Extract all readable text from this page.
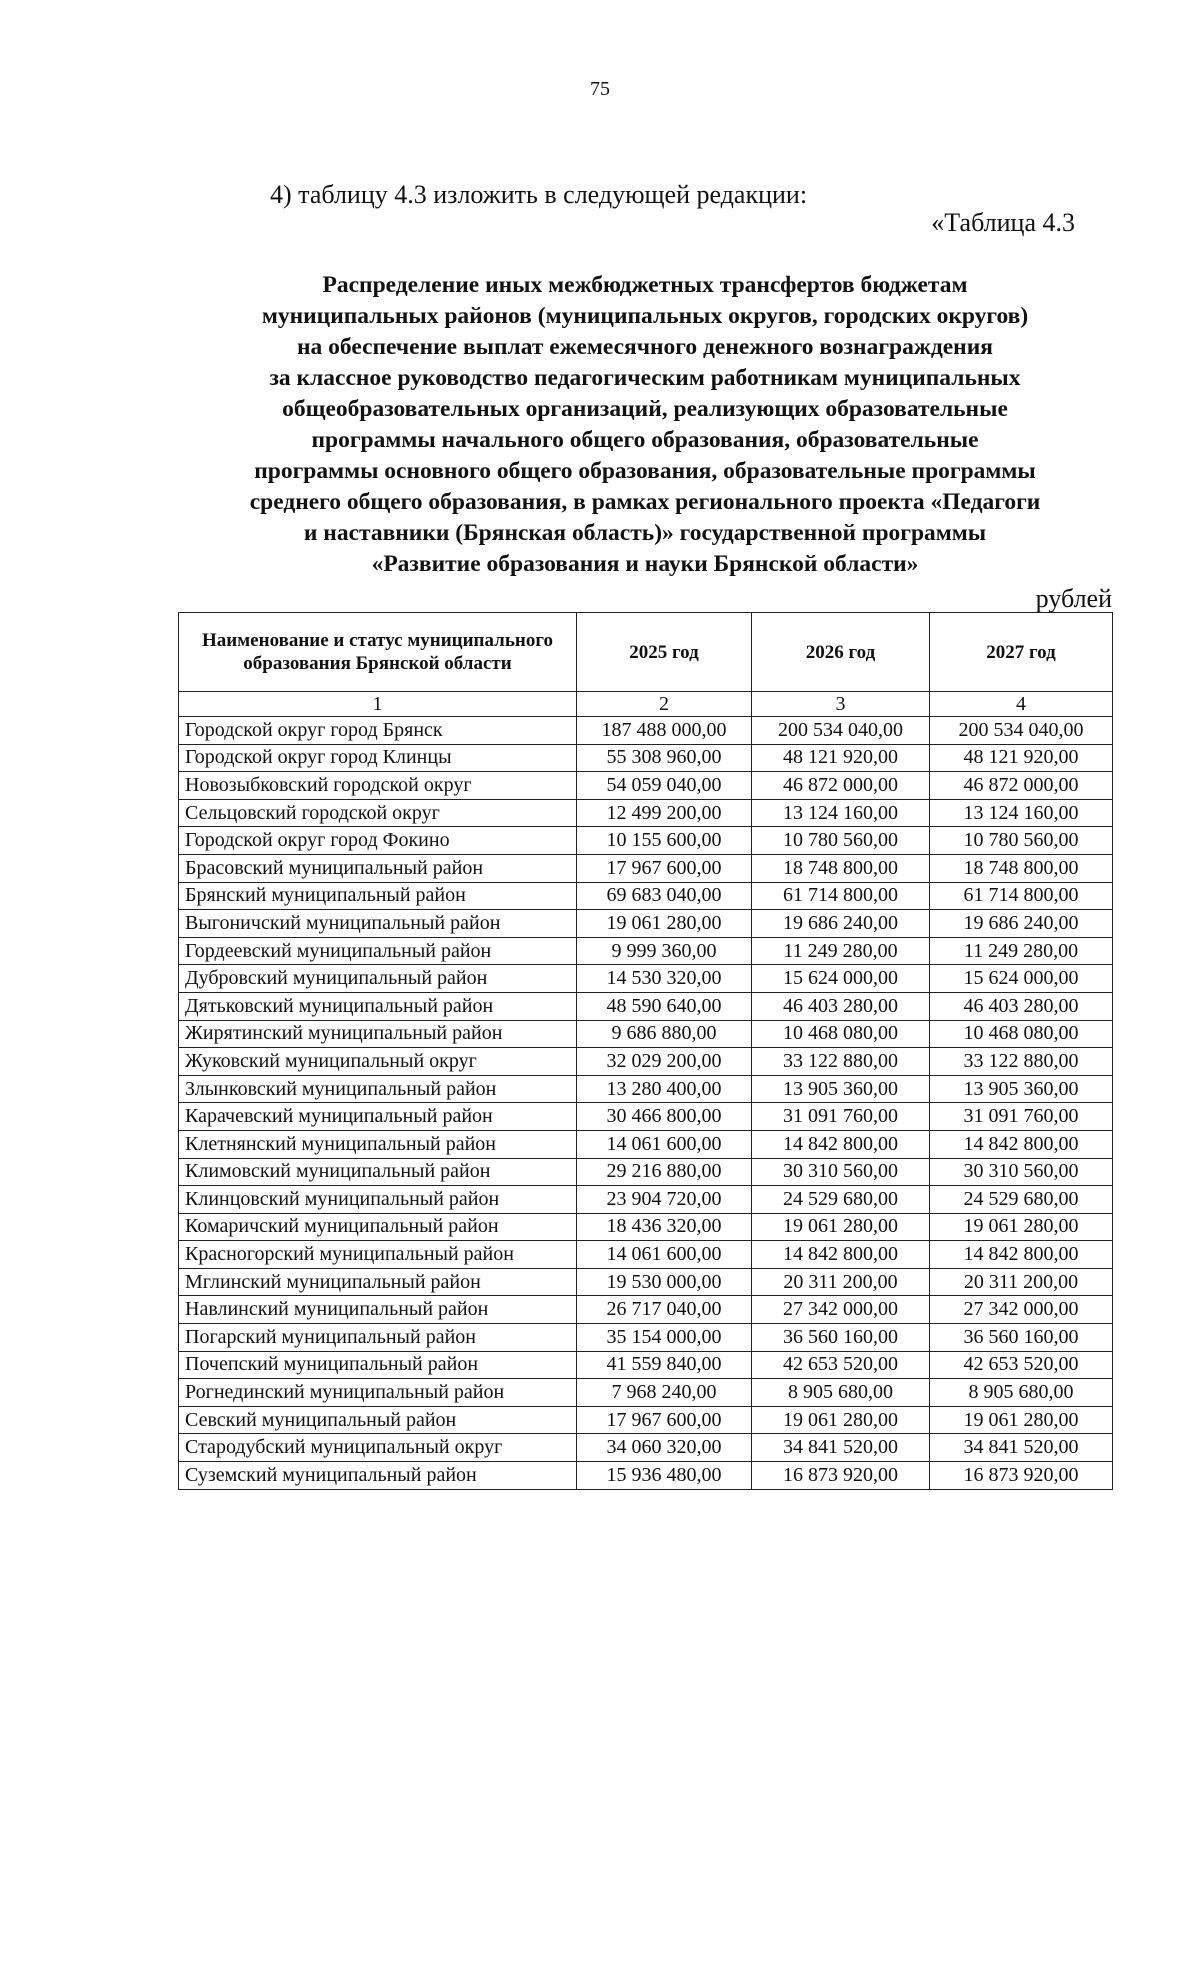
75
4) таблицу 4.3 изложить в следующей редакции:
«Таблица 4.3
Распределение иных межбюджетных трансфертов бюджетам
муниципальных районов (муниципальных округов, городских округов)
на обеспечение выплат ежемесячного денежного вознаграждения
за классное руководство педагогическим работникам муниципальных
общеобразовательных организаций, реализующих образовательные
программы начального общего образования, образовательные
программы основного общего образования, образовательные программы
среднего общего образования, в рамках регионального проекта «Педагоги
и наставники (Брянская область)» государственной программы
«Развитие образования и науки Брянской области»
рублей
Наименование и статус муниципального образования Брянской области	2025 год	2026 год	2027 год
1	2	3	4
Городской округ город Брянск	187 488 000,00	200 534 040,00	200 534 040,00
Городской округ город Клинцы	55 308 960,00	48 121 920,00	48 121 920,00
Новозыбковский городской округ	54 059 040,00	46 872 000,00	46 872 000,00
Сельцовский городской округ	12 499 200,00	13 124 160,00	13 124 160,00
Городской округ город Фокино	10 155 600,00	10 780 560,00	10 780 560,00
Брасовский муниципальный район	17 967 600,00	18 748 800,00	18 748 800,00
Брянский муниципальный район	69 683 040,00	61 714 800,00	61 714 800,00
Выгоничский муниципальный район	19 061 280,00	19 686 240,00	19 686 240,00
Гордеевский муниципальный район	9 999 360,00	11 249 280,00	11 249 280,00
Дубровский муниципальный район	14 530 320,00	15 624 000,00	15 624 000,00
Дятьковский муниципальный район	48 590 640,00	46 403 280,00	46 403 280,00
Жирятинский муниципальный район	9 686 880,00	10 468 080,00	10 468 080,00
Жуковский муниципальный округ	32 029 200,00	33 122 880,00	33 122 880,00
Злынковский муниципальный район	13 280 400,00	13 905 360,00	13 905 360,00
Карачевский муниципальный район	30 466 800,00	31 091 760,00	31 091 760,00
Клетнянский муниципальный район	14 061 600,00	14 842 800,00	14 842 800,00
Климовский муниципальный район	29 216 880,00	30 310 560,00	30 310 560,00
Клинцовский муниципальный район	23 904 720,00	24 529 680,00	24 529 680,00
Комаричский муниципальный район	18 436 320,00	19 061 280,00	19 061 280,00
Красногорский муниципальный район	14 061 600,00	14 842 800,00	14 842 800,00
Мглинский муниципальный район	19 530 000,00	20 311 200,00	20 311 200,00
Навлинский муниципальный район	26 717 040,00	27 342 000,00	27 342 000,00
Погарский муниципальный район	35 154 000,00	36 560 160,00	36 560 160,00
Почепский муниципальный район	41 559 840,00	42 653 520,00	42 653 520,00
Рогнединский муниципальный район	7 968 240,00	8 905 680,00	8 905 680,00
Севский муниципальный район	17 967 600,00	19 061 280,00	19 061 280,00
Стародубский муниципальный округ	34 060 320,00	34 841 520,00	34 841 520,00
Суземский муниципальный район	15 936 480,00	16 873 920,00	16 873 920,00
